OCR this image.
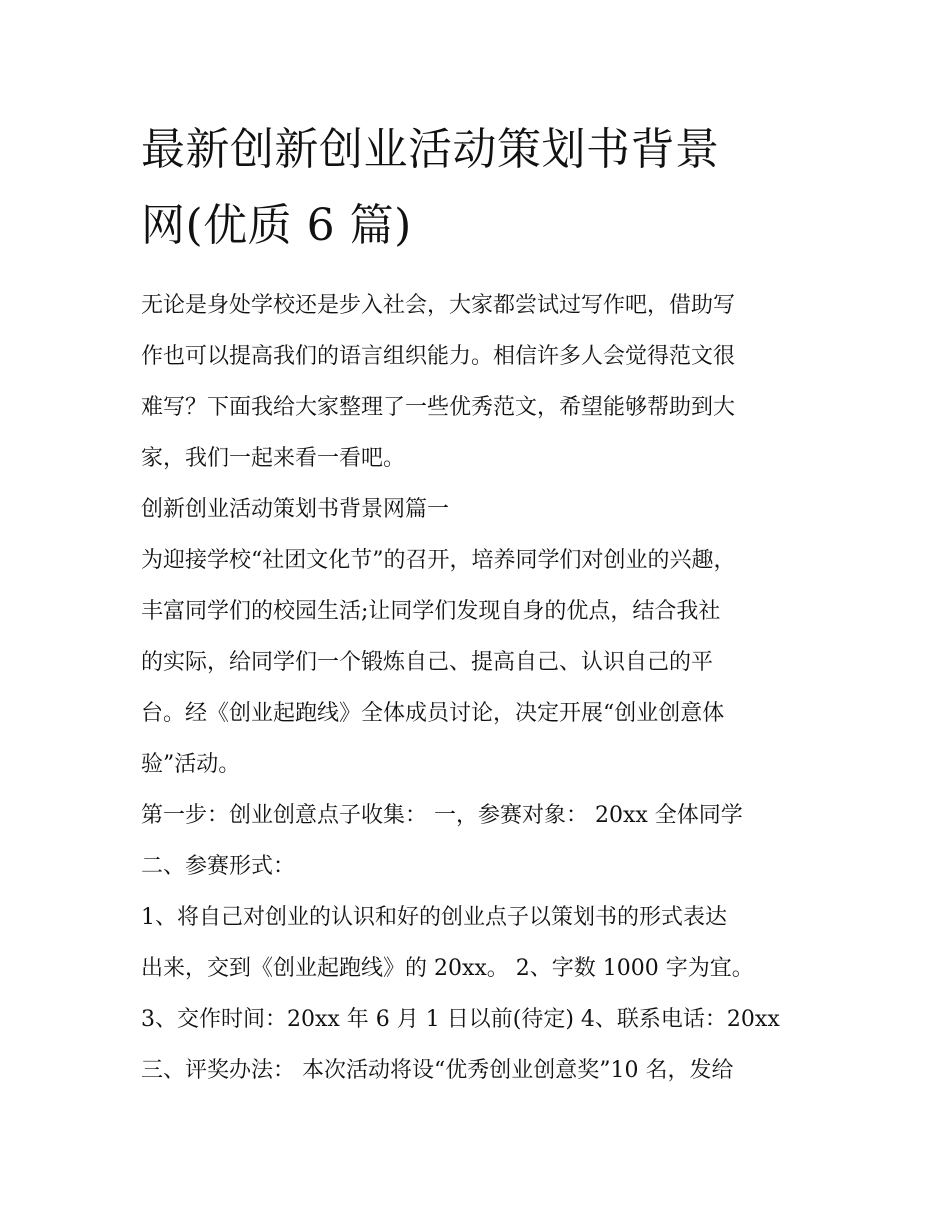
最新创新创业活动策划书背景
网(优质 6 篇)
无论是身处学校还是步入社会，大家都尝试过写作吧，借助写
作也可以提高我们的语言组织能力。相信许多人会觉得范文很
难写？下面我给大家整理了一些优秀范文，希望能够帮助到大
家，我们一起来看一看吧。
创新创业活动策划书背景网篇一
为迎接学校“社团文化节”的召开，培养同学们对创业的兴趣，
丰富同学们的校园生活;让同学们发现自身的优点，结合我社
的实际，给同学们一个锻炼自己、提高自己、认识自己的平
台。经《创业起跑线》全体成员讨论，决定开展“创业创意体
验”活动。
第一步：创业创意点子收集： 一，参赛对象： 20xx 全体同学
二、参赛形式：
1、将自己对创业的认识和好的创业点子以策划书的形式表达
出来，交到《创业起跑线》的 20xx。 2、字数 1000 字为宜。
3、交作时间：20xx 年 6 月 1 日以前(待定) 4、联系电话：20xx
三、评奖办法： 本次活动将设“优秀创业创意奖”10 名，发给
